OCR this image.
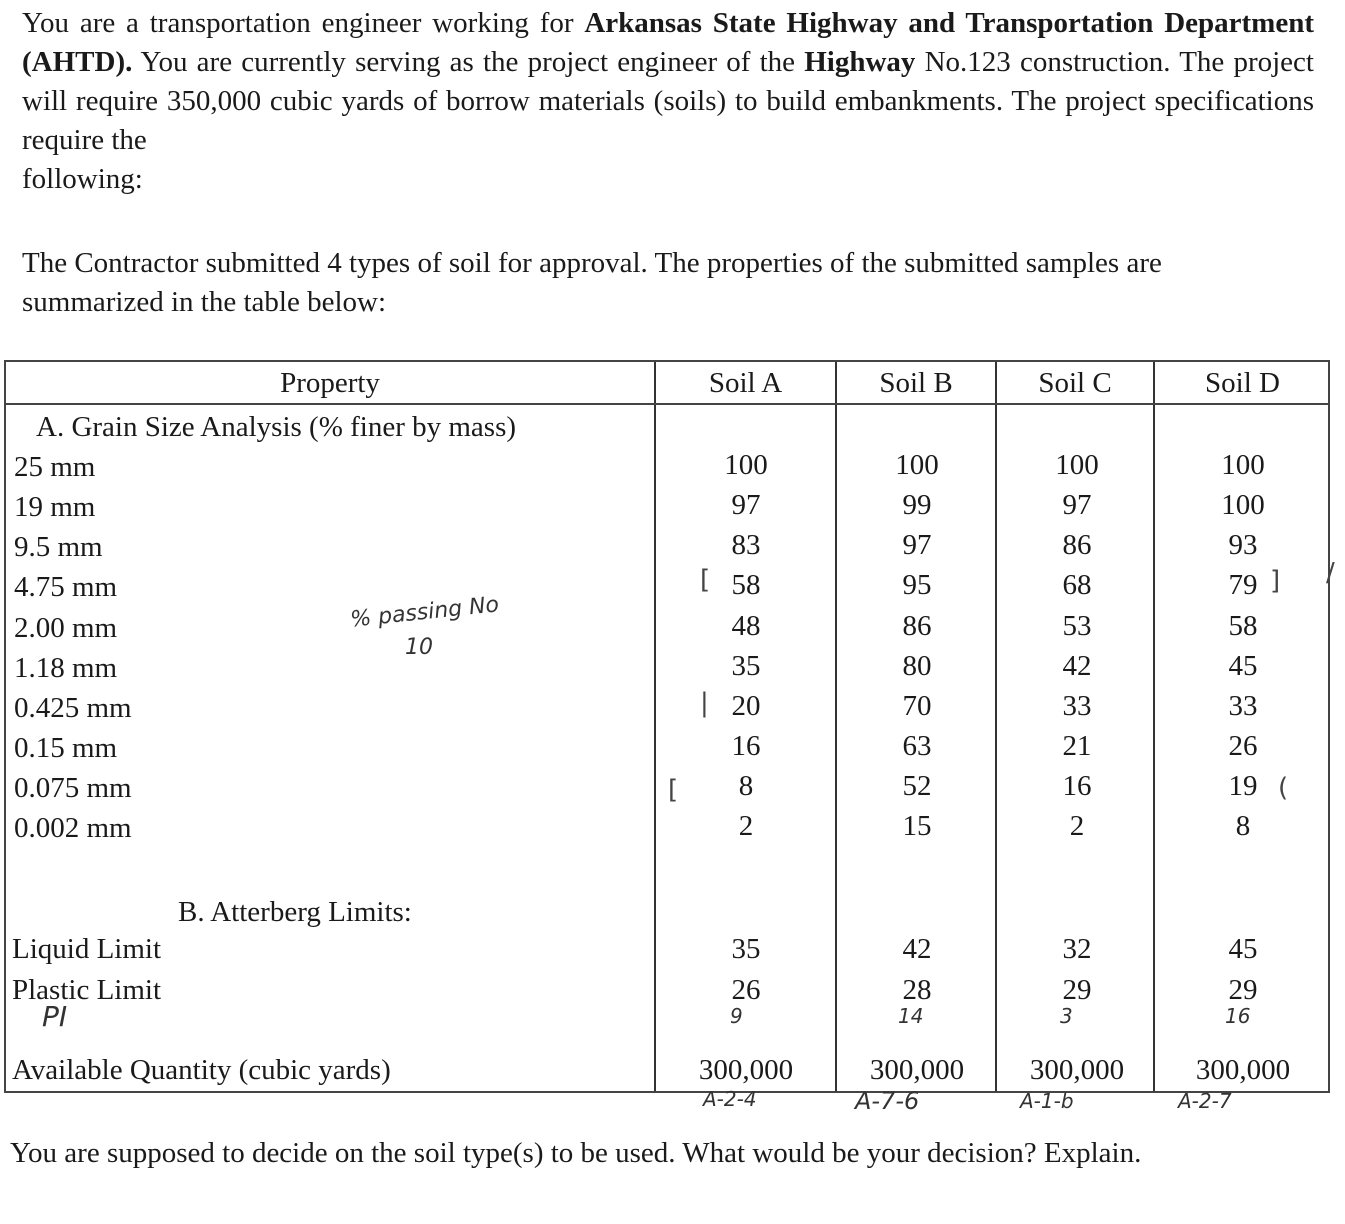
You are a transportation engineer working for Arkansas State Highway and Transportation Department (AHTD). You are currently serving as the project engineer of the Highway No.123 construction. The project will require 350,000 cubic yards of borrow materials (soils) to build embankments. The project specifications require the
following:
The Contractor submitted 4 types of soil for approval. The properties of the submitted samples are summarized in the table below:
Property	Soil A	Soil B	Soil C	Soil D
A. Grain Size Analysis (% finer by mass)
25 mm	100	100	100	100
19 mm	97	99	97	100
9.5 mm	83	97	86	93
4.75 mm	58	95	68	79
2.00 mm	48	86	53	58
1.18 mm	35	80	42	45
0.425 mm	20	70	33	33
0.15 mm	16	63	21	26
0.075 mm	8	52	16	19
0.002 mm	2	15	2	8
B. Atterberg Limits:
Liquid Limit	35	42	32	45
Plastic Limit	26	28	29	29
Available Quantity (cubic yards)	300,000	300,000	300,000	300,000
% passing No
10
PI	9	14	3	16
A-2-4	A-7-6	A-1-b	A-2-7
[
|
[
]
(
/
You are supposed to decide on the soil type(s) to be used. What would be your decision? Explain.
